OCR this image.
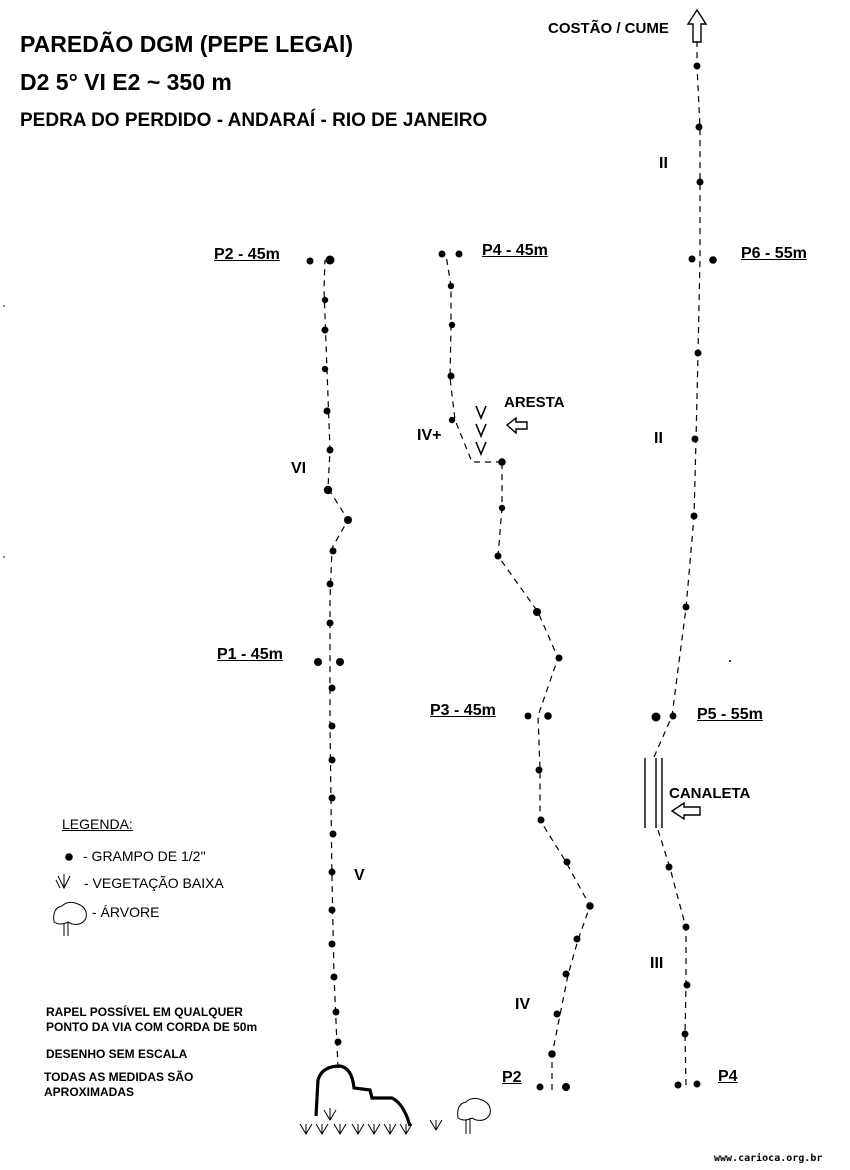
PAREDÃO DGM (PEPE LEGAl)
D2 5° VI E2 ~ 350 m
PEDRA DO PERDIDO - ANDARAÍ - RIO DE JANEIRO
COSTÃO / CUME
P2 - 45m	P4 - 45m	P6 - 55m
P1 - 45m
P3 - 45m	P5 - 55m
P2	P4
II
II
III
VI
V
IV+
IV
ARESTA
CANALETA
LEGENDA:
- GRAMPO DE 1/2''
- VEGETAÇÃO BAIXA
- ÁRVORE
RAPEL POSSÍVEL EM QUALQUER
PONTO DA VIA COM CORDA DE 50m
DESENHO SEM ESCALA
TODAS AS MEDIDAS SÃO
APROXIMADAS
www.carioca.org.br
